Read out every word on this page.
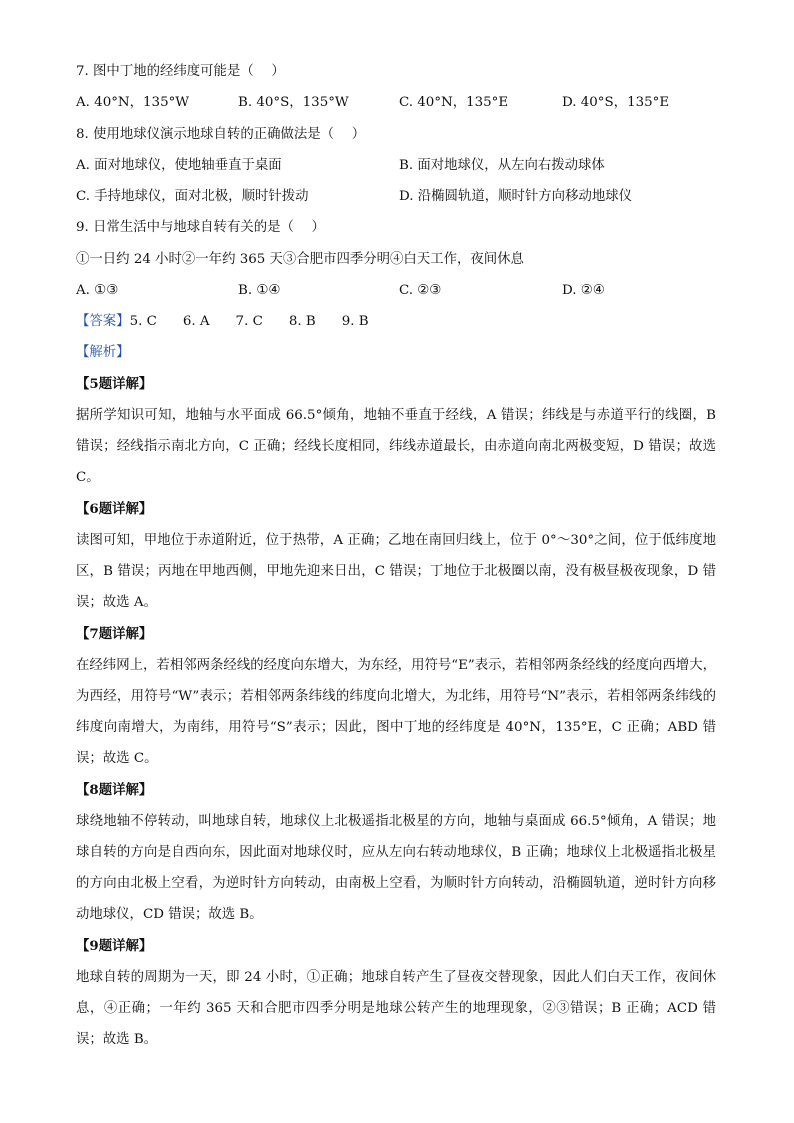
7. 图中丁地的经纬度可能是（　 ）
A. 40°N，135°W	B. 40°S，135°W	C. 40°N，135°E	D. 40°S，135°E
8. 使用地球仪演示地球自转的正确做法是（　 ）
A. 面对地球仪，使地轴垂直于桌面	B. 面对地球仪，从左向右拨动球体
C. 手持地球仪，面对北极，顺时针拨动	D. 沿椭圆轨道，顺时针方向移动地球仪
9. 日常生活中与地球自转有关的是（　 ）
①一日约 24 小时②一年约 365 天③合肥市四季分明④白天工作，夜间休息
A. ①③	B. ①④	C. ②③	D. ②④
【答案】5. C 6. A 7. C 8. B 9. B
【解析】
【5题详解】
据所学知识可知，地轴与水平面成 66.5°倾角，地轴不垂直于经线，A 错误；纬线是与赤道平行的线圈，B 错误；经线指示南北方向，C 正确；经线长度相同，纬线赤道最长，由赤道向南北两极变短，D 错误；故选 C。
【6题详解】
读图可知，甲地位于赤道附近，位于热带，A 正确；乙地在南回归线上，位于 0°～30°之间，位于低纬度地区，B 错误；丙地在甲地西侧，甲地先迎来日出，C 错误；丁地位于北极圈以南，没有极昼极夜现象，D 错误；故选 A。
【7题详解】
在经纬网上，若相邻两条经线的经度向东增大，为东经，用符号“E”表示，若相邻两条经线的经度向西增大，为西经，用符号“W”表示；若相邻两条纬线的纬度向北增大，为北纬，用符号“N”表示，若相邻两条纬线的纬度向南增大，为南纬，用符号“S”表示；因此，图中丁地的经纬度是 40°N，135°E，C 正确；ABD 错误；故选 C。
【8题详解】
球绕地轴不停转动，叫地球自转，地球仪上北极遥指北极星的方向，地轴与桌面成 66.5°倾角，A 错误；地球自转的方向是自西向东，因此面对地球仪时，应从左向右转动地球仪，B 正确；地球仪上北极遥指北极星的方向由北极上空看，为逆时针方向转动，由南极上空看，为顺时针方向转动，沿椭圆轨道，逆时针方向移动地球仪，CD 错误；故选 B。
【9题详解】
地球自转的周期为一天，即 24 小时，①正确；地球自转产生了昼夜交替现象，因此人们白天工作，夜间休息，④正确；一年约 365 天和合肥市四季分明是地球公转产生的地理现象，②③错误；B 正确；ACD 错误；故选 B。
